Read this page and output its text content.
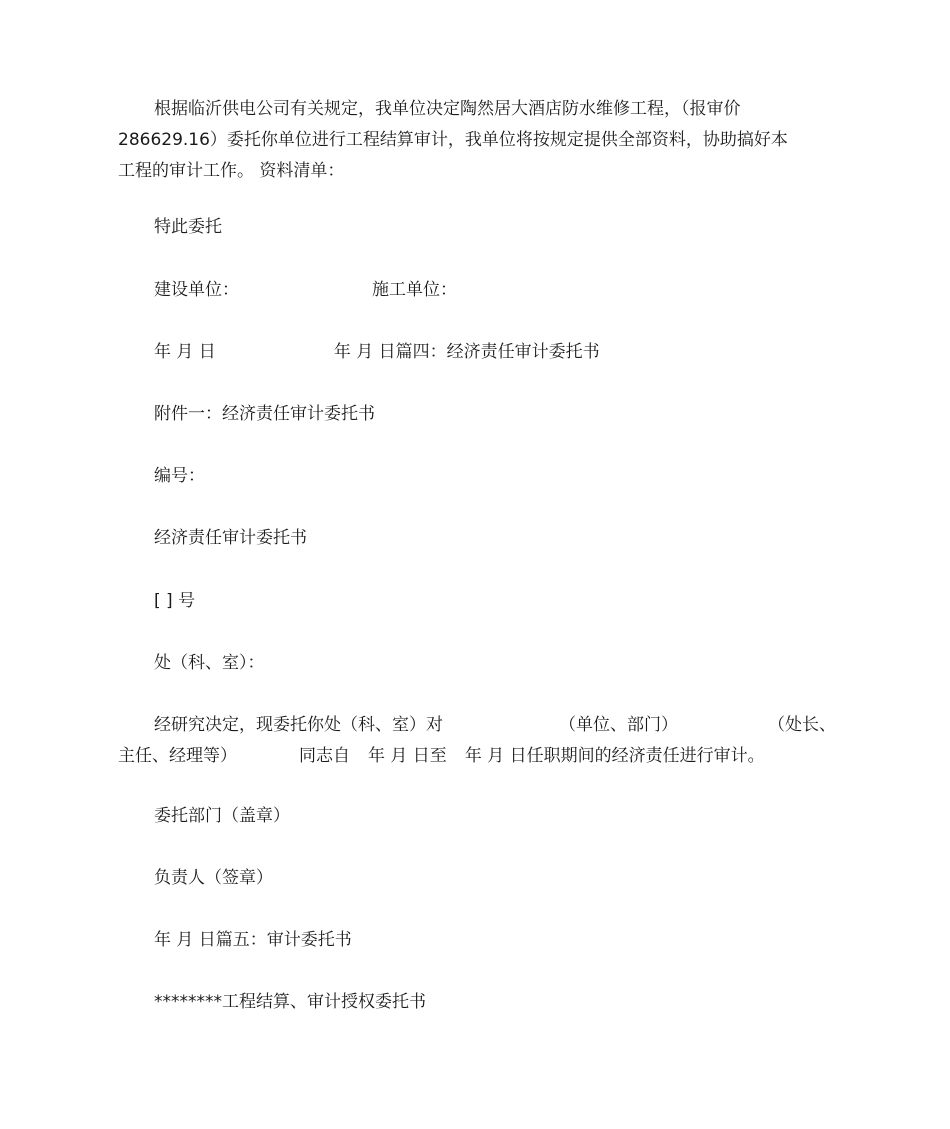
根据临沂供电公司有关规定，我单位决定陶然居大酒店防水维修工程，（报审价
286629.16）委托你单位进行工程结算审计，我单位将按规定提供全部资料，协助搞好本
工程的审计工作。 资料清单：

特此委托

建设单位：	施工单位：

年 月 日	年 月 日篇四：经济责任审计委托书

附件一：经济责任审计委托书

编号：

经济责任审计委托书

[ ] 号

处（科、室）：

经研究决定，现委托你处（科、室）对	（单位、部门）	（处长、
主任、经理等）	同志自 年 月 日至 年 月 日任职期间的经济责任进行审计。

委托部门（盖章）

负责人（签章）

年 月 日篇五：审计委托书

********工程结算、审计授权委托书
